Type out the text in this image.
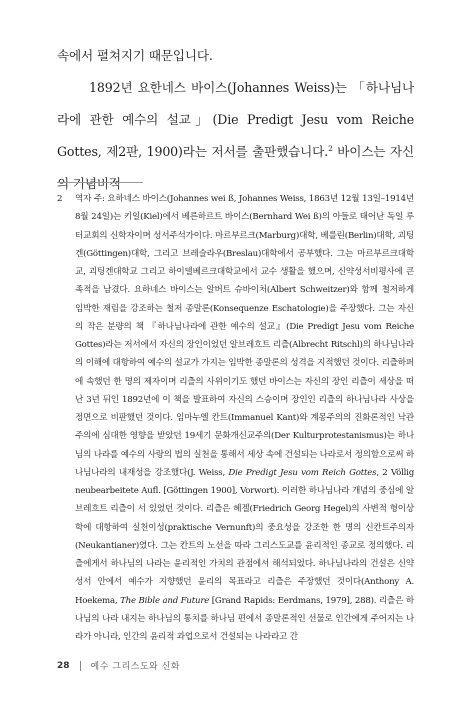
속에서 펼쳐지기 때문입니다.

1892년 요한네스 바이스(Johannes Weiss)는 「하나님나라에 관한 예수의 설교」(Die Predigt Jesu vom Reiche Gottes, 제2판, 1900)라는 저서를 출판했습니다.$^2$ 바이스는 자신의 기념비적

2 역자 주: 요하네스 바이스(Johannes wei ß, Johannes Weiss, 1863년 12월 13일–1914년 8월 24일)는 키일(Kiel)에서 베른하르트 바이스(Bernhard Wei ß)의 아들로 태어난 독일 루터교회의 신학자이며 성서주석가이다. 마르부르크(Marburg)대학, 베를린(Berlin)대학, 괴팅겐(Göttingen)대학, 그리고 브레슬라우(Breslau)대학에서 공부했다. 그는 마르부르크대학교, 괴팅겐대학교 그리고 하이델베르크대학교에서 교수 생활을 했으며, 신약성서비평사에 큰 족적을 남겼다. 요하네스 바이스는 알버트 슈바이처(Albert Schweitzer)와 함께 철저하게 임박한 재림을 강조하는 철저 종말론(Konsequenze Eschatologie)을 주장했다. 그는 자신의 작은 분량의 책 『하나님나라에 관한 예수의 설교』(Die Predigt Jesu vom Reiche Gottes)라는 저서에서 자신의 장인이었던 알브레흐트 리츨(Albrecht Ritschl)의 하나님나라의 이해에 대항하여 예수의 설교가 가지는 임박한 종말론의 성격을 지적했던 것이다. 리츨하퍼에 속했던 한 명의 제자이며 리츨의 사위이기도 했던 바이스는 자신의 장인 리츨이 세상을 떠난 3년 뒤인 1892년에 이 책을 발표하여 자신의 스승이며 장인인 리츨의 하나님나라 사상을 정면으로 비판했던 것이다. 임마누엘 칸트(Immanuel Kant)와 계몽주의의 진화론적인 낙관주의에 심대한 영향을 받았던 19세기 문화개신교주의(Der Kulturprotestanismus)는 하나님의 나라를 예수의 사랑의 법의 실천을 통해서 세상 속에 건설되는 나라로서 정의함으로써 하나님나라의 내재성을 강조했다(J. Weiss, Die Predigt Jesu vom Reich Gottes, 2 Völlig neubearbeitete Aufl. [Göttingen 1900], Vorwort). 이러한 하나님나라 개념의 중심에 알브레흐트 리츨이 서 있었던 것이다. 리츨은 헤겔(Friedrich Georg Hegel)의 사변적 형이상학에 대항하여 실천이성(praktische Vernunft)의 중요성을 강조한 한 명의 신칸트주의자(Neukantianer)였다. 그는 칸트의 노선을 따라 그리스도교를 윤리적인 종교로 정의했다. 리츨에게서 하나님의 나라는 윤리적인 가치의 관점에서 해석되었다. 하나님나라의 건설은 신약성서 안에서 예수가 지향했던 윤리의 목표라고 리츨은 주장했던 것이다(Anthony A. Hoekema, The Bible and Future [Grand Rapids: Eerdmans, 1979], 288). 리츨은 하나님의 나라 내지는 하나님의 통치를 하나님 편에서 종말론적인 선물로 인간에게 주어지는 나라가 아니라, 인간의 윤리적 과업으로서 건설되는 나라라고 간

28 예수 그리스도와 신화
